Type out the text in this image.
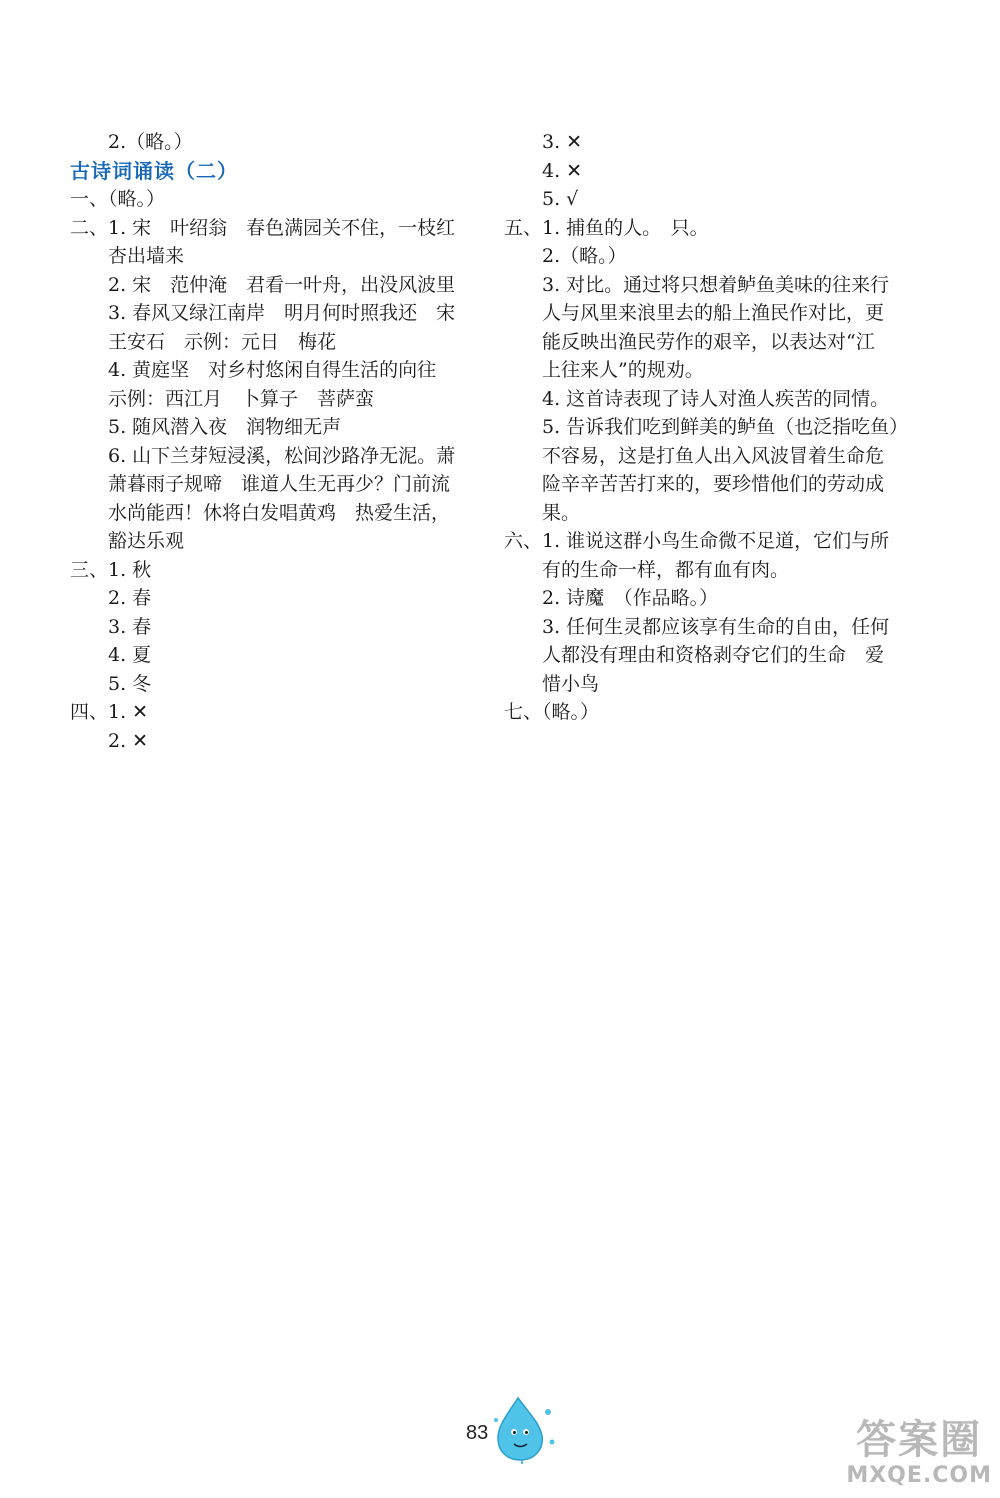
2.（略。）
古诗词诵读（二）
一、（略。）
二、1. 宋　叶绍翁　春色满园关不住，一枝红
杏出墙来
2. 宋　范仲淹　君看一叶舟，出没风波里
3. 春风又绿江南岸　明月何时照我还　宋
王安石　示例：元日　梅花
4. 黄庭坚　对乡村悠闲自得生活的向往
示例：西江月　卜算子　菩萨蛮
5. 随风潜入夜　润物细无声
6. 山下兰芽短浸溪，松间沙路净无泥。萧
萧暮雨子规啼　谁道人生无再少？门前流
水尚能西！休将白发唱黄鸡　热爱生活，
豁达乐观
三、1. 秋
2. 春
3. 春
4. 夏
5. 冬
四、1. ✕
2. ✕
3. ✕
4. ✕
5. √
五、1. 捕鱼的人。　只。
2.（略。）
3. 对比。通过将只想着鲈鱼美味的往来行
人与风里来浪里去的船上渔民作对比，更
能反映出渔民劳作的艰辛，以表达对“江
上往来人”的规劝。
4. 这首诗表现了诗人对渔人疾苦的同情。
5. 告诉我们吃到鲜美的鲈鱼（也泛指吃鱼）
不容易，这是打鱼人出入风波冒着生命危
险辛辛苦苦打来的，要珍惜他们的劳动成
果。
六、1. 谁说这群小鸟生命微不足道，它们与所
有的生命一样，都有血有肉。
2. 诗魔　（作品略。）
3. 任何生灵都应该享有生命的自由，任何
人都没有理由和资格剥夺它们的生命　爱
惜小鸟
七、（略。）
83	答案圈
MXQE.COM
